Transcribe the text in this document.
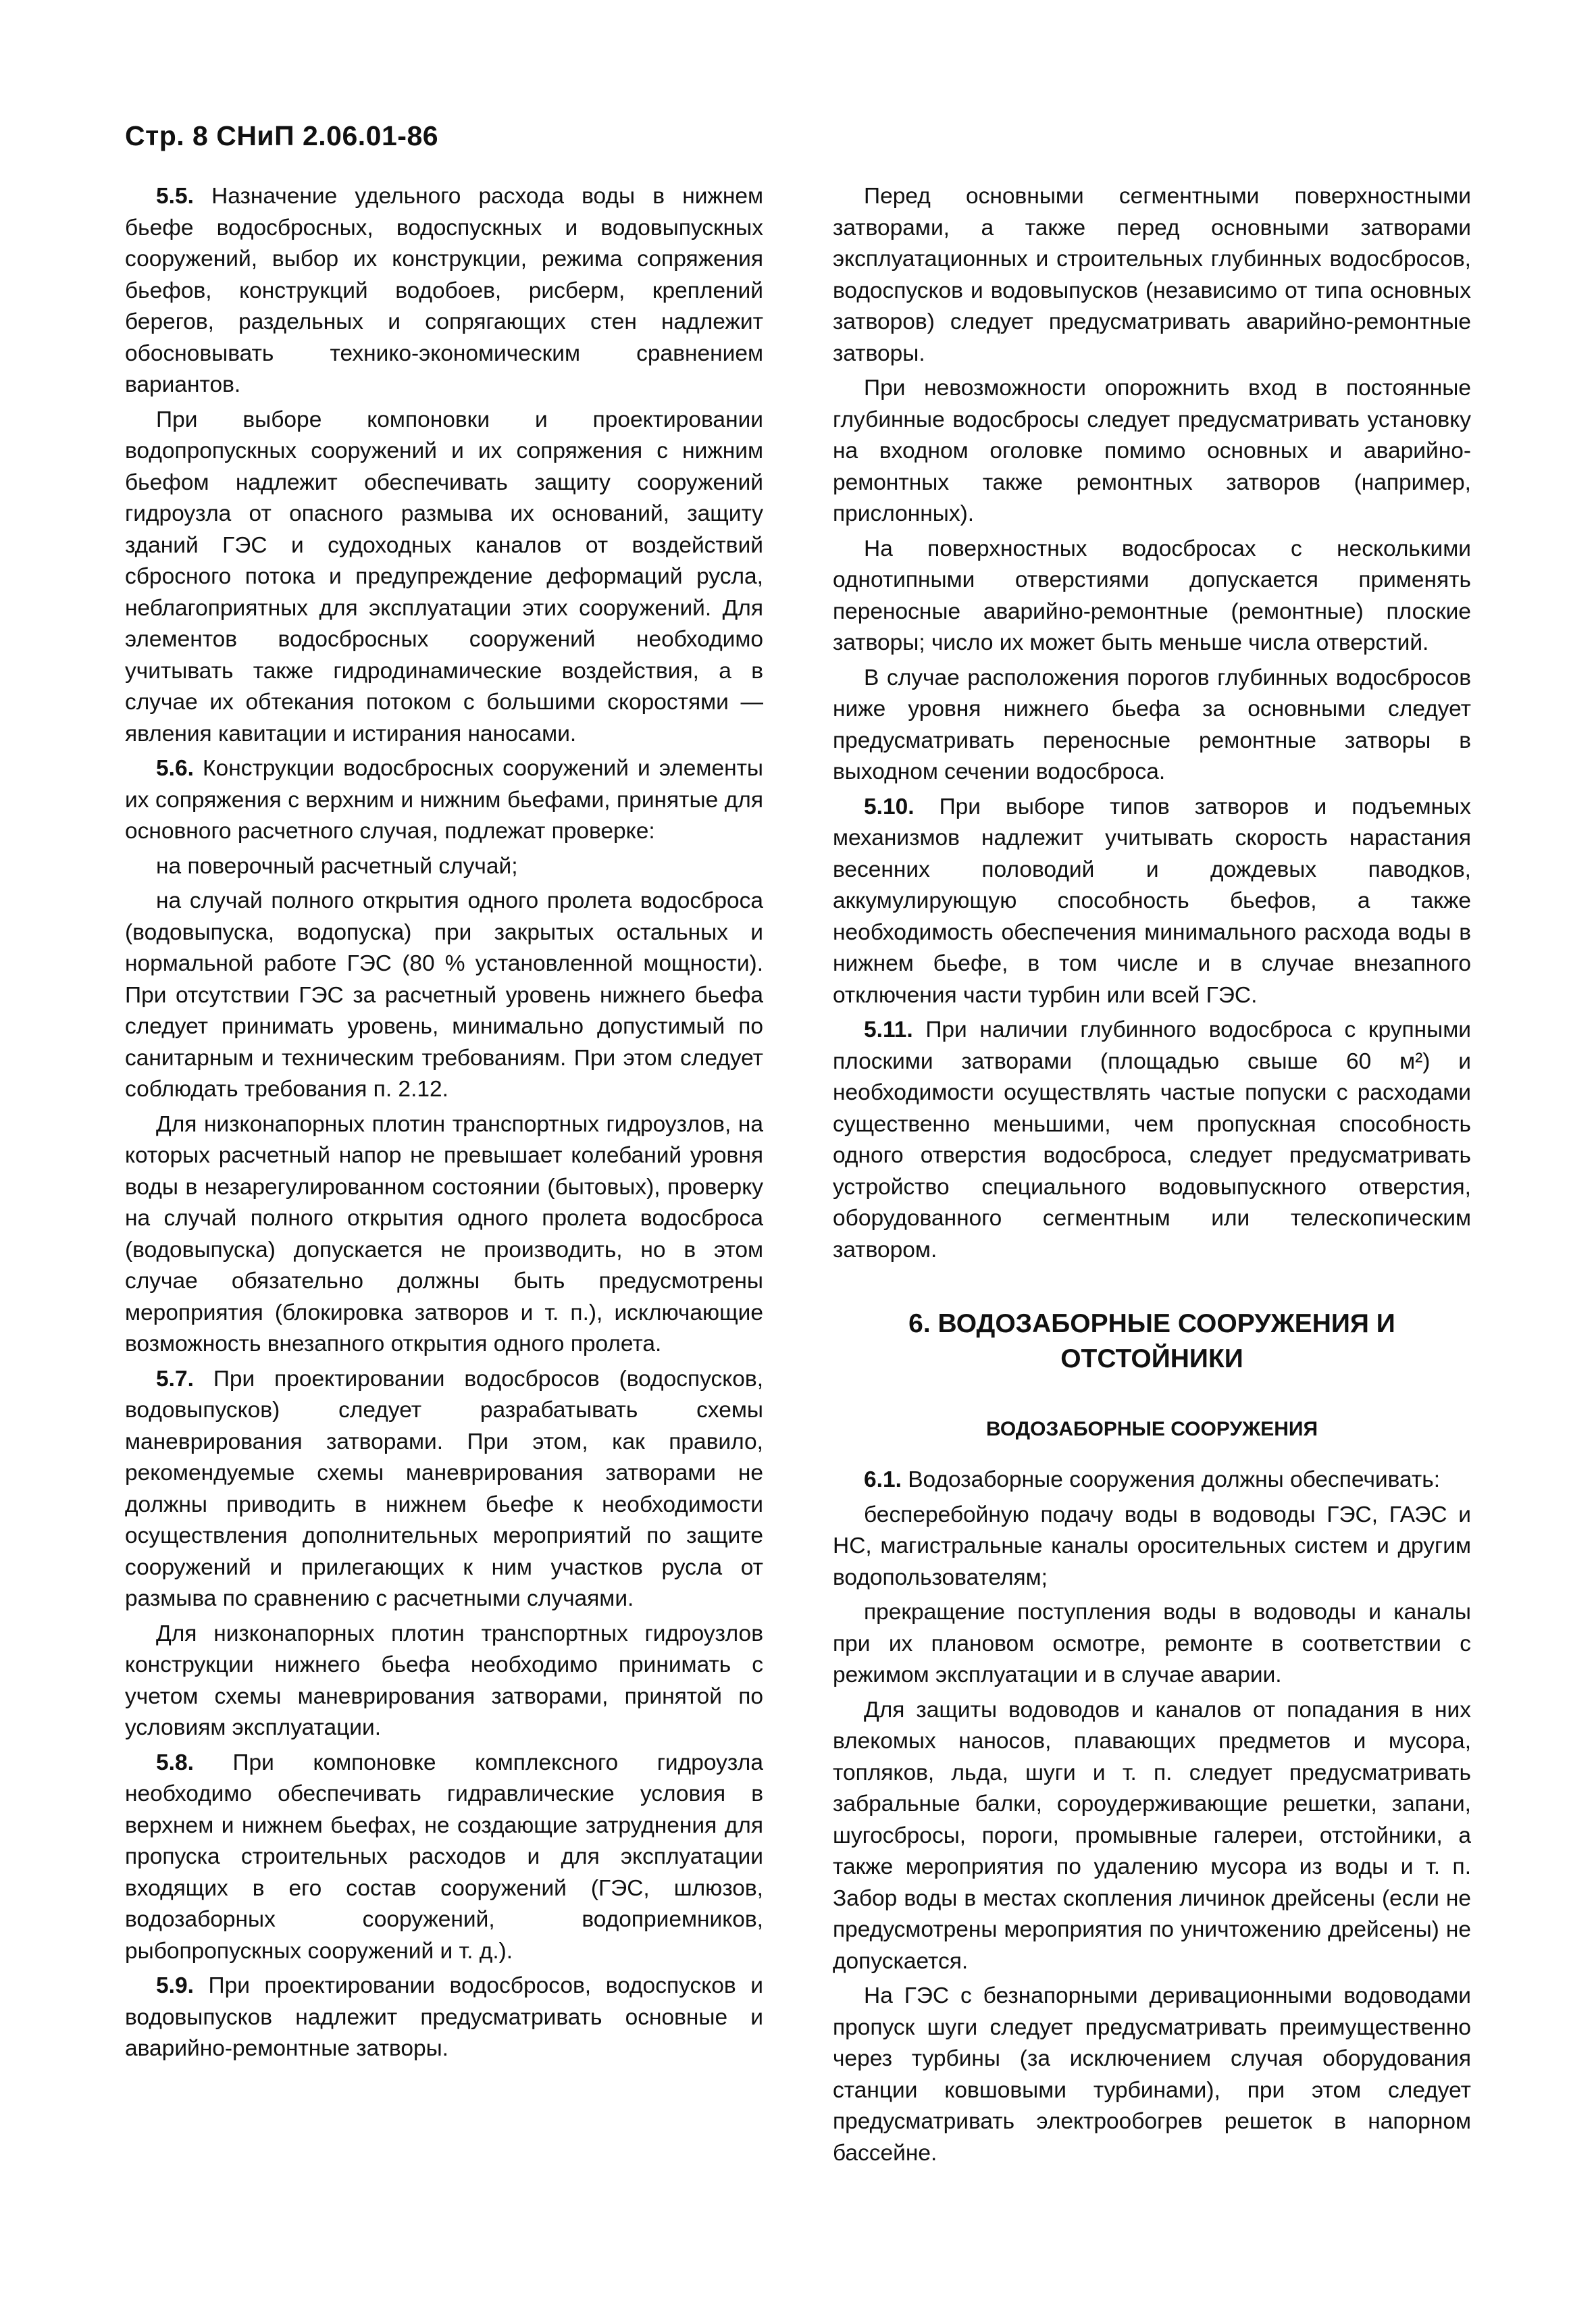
Стр. 8 СНиП 2.06.01-86

5.5. Назначение удельного расхода воды в нижнем бьефе водосбросных, водоспускных и водовыпускных сооружений, выбор их конструкции, режима сопряжения бьефов, конструкций водобоев, рисберм, креплений берегов, раздельных и сопрягающих стен надлежит обосновывать технико-экономическим сравнением вариантов.

При выборе компоновки и проектировании водопропускных сооружений и их сопряжения с нижним бьефом надлежит обеспечивать защиту сооружений гидроузла от опасного размыва их оснований, защиту зданий ГЭС и судоходных каналов от воздействий сбросного потока и предупреждение деформаций русла, неблагоприятных для эксплуатации этих сооружений. Для элементов водосбросных сооружений необходимо учитывать также гидродинамические воздействия, а в случае их обтекания потоком с большими скоростями — явления кавитации и истирания наносами.

5.6. Конструкции водосбросных сооружений и элементы их сопряжения с верхним и нижним бьефами, принятые для основного расчетного случая, подлежат проверке:

на поверочный расчетный случай;

на случай полного открытия одного пролета водосброса (водовыпуска, водопуска) при закрытых остальных и нормальной работе ГЭС (80 % установленной мощности). При отсутствии ГЭС за расчетный уровень нижнего бьефа следует принимать уровень, минимально допустимый по санитарным и техническим требованиям. При этом следует соблюдать требования п. 2.12.

Для низконапорных плотин транспортных гидроузлов, на которых расчетный напор не превышает колебаний уровня воды в незарегулированном состоянии (бытовых), проверку на случай полного открытия одного пролета водосброса (водовыпуска) допускается не производить, но в этом случае обязательно должны быть предусмотрены мероприятия (блокировка затворов и т. п.), исключающие возможность внезапного открытия одного пролета.

5.7. При проектировании водосбросов (водоспусков, водовыпусков) следует разрабатывать схемы маневрирования затворами. При этом, как правило, рекомендуемые схемы маневрирования затворами не должны приводить в нижнем бьефе к необходимости осуществления дополнительных мероприятий по защите сооружений и прилегающих к ним участков русла от размыва по сравнению с расчетными случаями.

Для низконапорных плотин транспортных гидроузлов конструкции нижнего бьефа необходимо принимать с учетом схемы маневрирования затворами, принятой по условиям эксплуатации.

5.8. При компоновке комплексного гидроузла необходимо обеспечивать гидравлические условия в верхнем и нижнем бьефах, не создающие затруднения для пропуска строительных расходов и для эксплуатации входящих в его состав сооружений (ГЭС, шлюзов, водозаборных сооружений, водоприемников, рыбопропускных сооружений и т. д.).

5.9. При проектировании водосбросов, водоспусков и водовыпусков надлежит предусматривать основные и аварийно-ремонтные затворы.

Перед основными сегментными поверхностными затворами, а также перед основными затворами эксплуатационных и строительных глубинных водосбросов, водоспусков и водовыпусков (независимо от типа основных затворов) следует предусматривать аварийно-ремонтные затворы.

При невозможности опорожнить вход в постоянные глубинные водосбросы следует предусматривать установку на входном оголовке помимо основных и аварийно-ремонтных также ремонтных затворов (например, прислонных).

На поверхностных водосбросах с несколькими однотипными отверстиями допускается применять переносные аварийно-ремонтные (ремонтные) плоские затворы; число их может быть меньше числа отверстий.

В случае расположения порогов глубинных водосбросов ниже уровня нижнего бьефа за основными следует предусматривать переносные ремонтные затворы в выходном сечении водосброса.

5.10. При выборе типов затворов и подъемных механизмов надлежит учитывать скорость нарастания весенних половодий и дождевых паводков, аккумулирующую способность бьефов, а также необходимость обеспечения минимального расхода воды в нижнем бьефе, в том числе и в случае внезапного отключения части турбин или всей ГЭС.

5.11. При наличии глубинного водосброса с крупными плоскими затворами (площадью свыше 60 м²) и необходимости осуществлять частые попуски с расходами существенно меньшими, чем пропускная способность одного отверстия водосброса, следует предусматривать устройство специального водовыпускного отверстия, оборудованного сегментным или телескопическим затвором.

6. ВОДОЗАБОРНЫЕ СООРУЖЕНИЯ И ОТСТОЙНИКИ
ВОДОЗАБОРНЫЕ СООРУЖЕНИЯ

6.1. Водозаборные сооружения должны обеспечивать:

бесперебойную подачу воды в водоводы ГЭС, ГАЭС и НС, магистральные каналы оросительных систем и другим водопользователям;

прекращение поступления воды в водоводы и каналы при их плановом осмотре, ремонте в соответствии с режимом эксплуатации и в случае аварии.

Для защиты водоводов и каналов от попадания в них влекомых наносов, плавающих предметов и мусора, топляков, льда, шуги и т. п. следует предусматривать забральные балки, сороудерживающие решетки, запани, шугосбросы, пороги, промывные галереи, отстойники, а также мероприятия по удалению мусора из воды и т. п. Забор воды в местах скопления личинок дрейсены (если не предусмотрены мероприятия по уничтожению дрейсены) не допускается.

На ГЭС с безнапорными деривационными водоводами пропуск шуги следует предусматривать преимущественно через турбины (за исключением случая оборудования станции ковшовыми турбинами), при этом следует предусматривать электрообогрев решеток в напорном бассейне.
